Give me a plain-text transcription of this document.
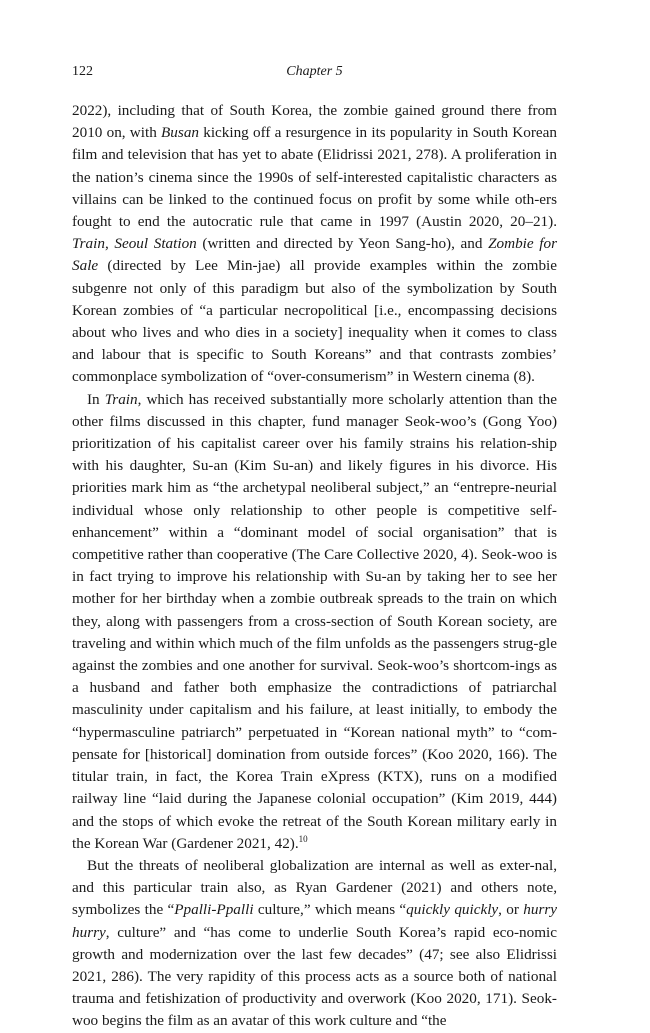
122	Chapter 5

2022), including that of South Korea, the zombie gained ground there from 2010 on, with Busan kicking off a resurgence in its popularity in South Korean film and television that has yet to abate (Elidrissi 2021, 278). A proliferation in the nation’s cinema since the 1990s of self-interested capitalistic characters as villains can be linked to the continued focus on profit by some while oth-ers fought to end the autocratic rule that came in 1997 (Austin 2020, 20–21). Train, Seoul Station (written and directed by Yeon Sang-ho), and Zombie for Sale (directed by Lee Min-jae) all provide examples within the zombie subgenre not only of this paradigm but also of the symbolization by South Korean zombies of “a particular necropolitical [i.e., encompassing decisions about who lives and who dies in a society] inequality when it comes to class and labour that is specific to South Koreans” and that contrasts zombies’ commonplace symbolization of “over-consumerism” in Western cinema (8).

In Train, which has received substantially more scholarly attention than the other films discussed in this chapter, fund manager Seok-woo’s (Gong Yoo) prioritization of his capitalist career over his family strains his relation-ship with his daughter, Su-an (Kim Su-an) and likely figures in his divorce. His priorities mark him as “the archetypal neoliberal subject,” an “entrepre-neurial individual whose only relationship to other people is competitive self-enhancement” within a “dominant model of social organisation” that is competitive rather than cooperative (The Care Collective 2020, 4). Seok-woo is in fact trying to improve his relationship with Su-an by taking her to see her mother for her birthday when a zombie outbreak spreads to the train on which they, along with passengers from a cross-section of South Korean society, are traveling and within which much of the film unfolds as the passengers strug-gle against the zombies and one another for survival. Seok-woo’s shortcom-ings as a husband and father both emphasize the contradictions of patriarchal masculinity under capitalism and his failure, at least initially, to embody the “hypermasculine patriarch” perpetuated in “Korean national myth” to “com-pensate for [historical] domination from outside forces” (Koo 2020, 166). The titular train, in fact, the Korea Train eXpress (KTX), runs on a modified railway line “laid during the Japanese colonial occupation” (Kim 2019, 444) and the stops of which evoke the retreat of the South Korean military early in the Korean War (Gardener 2021, 42).$^{10}$

But the threats of neoliberal globalization are internal as well as exter-nal, and this particular train also, as Ryan Gardener (2021) and others note, symbolizes the “Ppalli-Ppalli culture,” which means “quickly quickly, or hurry hurry, culture” and “has come to underlie South Korea’s rapid eco-nomic growth and modernization over the last few decades” (47; see also Elidrissi 2021, 286). The very rapidity of this process acts as a source both of national trauma and fetishization of productivity and overwork (Koo 2020, 171). Seok-woo begins the film as an avatar of this work culture and “the
